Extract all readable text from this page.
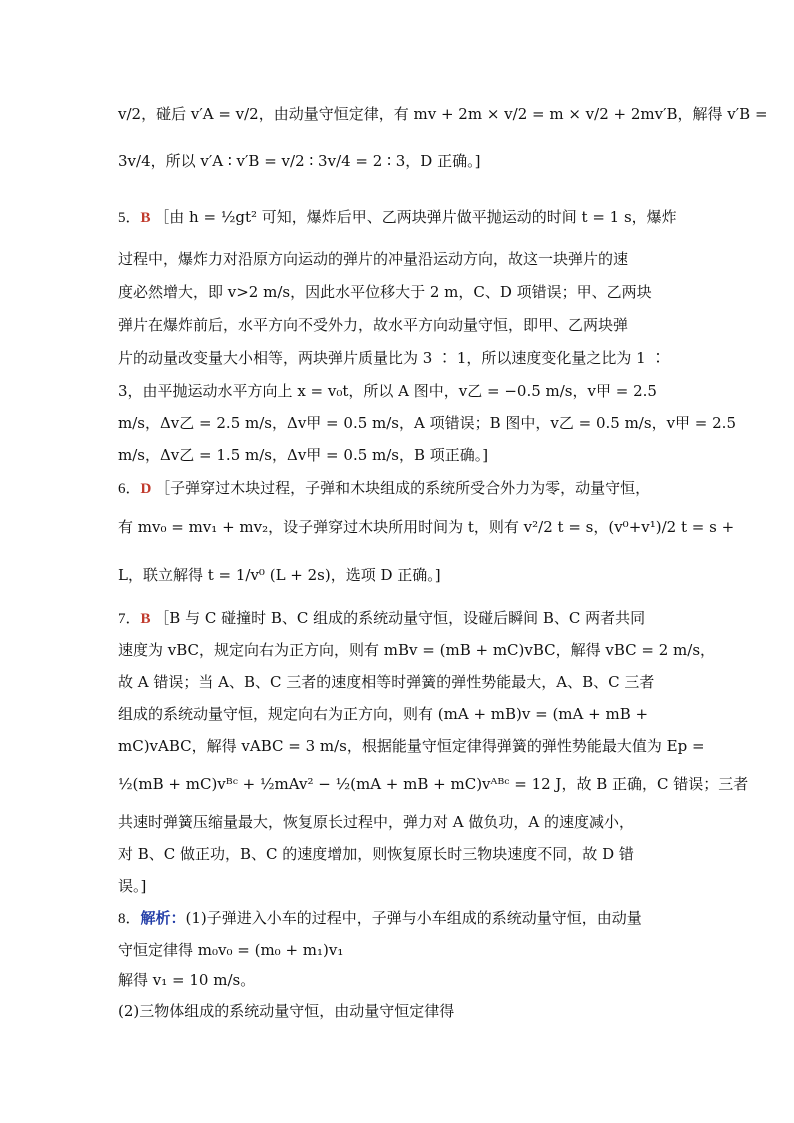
v/2，碰后 v′A = v/2，由动量守恒定律，有 mv + 2m × v/2 = m × v/2 + 2mv′B，解得 v′B =
3v/4，所以 v′A ∶ v′B = v/2 ∶ 3v/4 = 2 ∶ 3，D 正确。]
5．B ［由 h = ½gt² 可知，爆炸后甲、乙两块弹片做平抛运动的时间 t = 1 s，爆炸
过程中，爆炸力对沿原方向运动的弹片的冲量沿运动方向，故这一块弹片的速
度必然增大，即 v>2 m/s，因此水平位移大于 2 m，C、D 项错误；甲、乙两块
弹片在爆炸前后，水平方向不受外力，故水平方向动量守恒，即甲、乙两块弹
片的动量改变量大小相等，两块弹片质量比为 3 ∶ 1，所以速度变化量之比为 1 ∶
3，由平抛运动水平方向上 x = v₀t，所以 A 图中，v乙 = −0.5 m/s，v甲 = 2.5
m/s，Δv乙 = 2.5 m/s，Δv甲 = 0.5 m/s，A 项错误；B 图中，v乙 = 0.5 m/s，v甲 = 2.5
m/s，Δv乙 = 1.5 m/s，Δv甲 = 0.5 m/s，B 项正确。]
6．D ［子弹穿过木块过程，子弹和木块组成的系统所受合外力为零，动量守恒，
有 mv₀ = mv₁ + mv₂，设子弹穿过木块所用时间为 t，则有 v²/2 t = s，(v⁰+v¹)/2 t = s +
L，联立解得 t = 1/v⁰ (L + 2s)，选项 D 正确。]
7．B ［B 与 C 碰撞时 B、C 组成的系统动量守恒，设碰后瞬间 B、C 两者共同
速度为 vBC，规定向右为正方向，则有 mBv = (mB + mC)vBC，解得 vBC = 2 m/s，
故 A 错误；当 A、B、C 三者的速度相等时弹簧的弹性势能最大，A、B、C 三者
组成的系统动量守恒，规定向右为正方向，则有 (mA + mB)v = (mA + mB +
mC)vABC，解得 vABC = 3 m/s，根据能量守恒定律得弹簧的弹性势能最大值为 Ep =
½(mB + mC)vᴮᶜ + ½mAv² − ½(mA + mB + mC)vᴬᴮᶜ = 12 J，故 B 正确，C 错误；三者
共速时弹簧压缩量最大，恢复原长过程中，弹力对 A 做负功，A 的速度减小，
对 B、C 做正功，B、C 的速度增加，则恢复原长时三物块速度不同，故 D 错
误。]
8．解析：(1)子弹进入小车的过程中，子弹与小车组成的系统动量守恒，由动量
守恒定律得 m₀v₀ = (m₀ + m₁)v₁
解得 v₁ = 10 m/s。
(2)三物体组成的系统动量守恒，由动量守恒定律得
